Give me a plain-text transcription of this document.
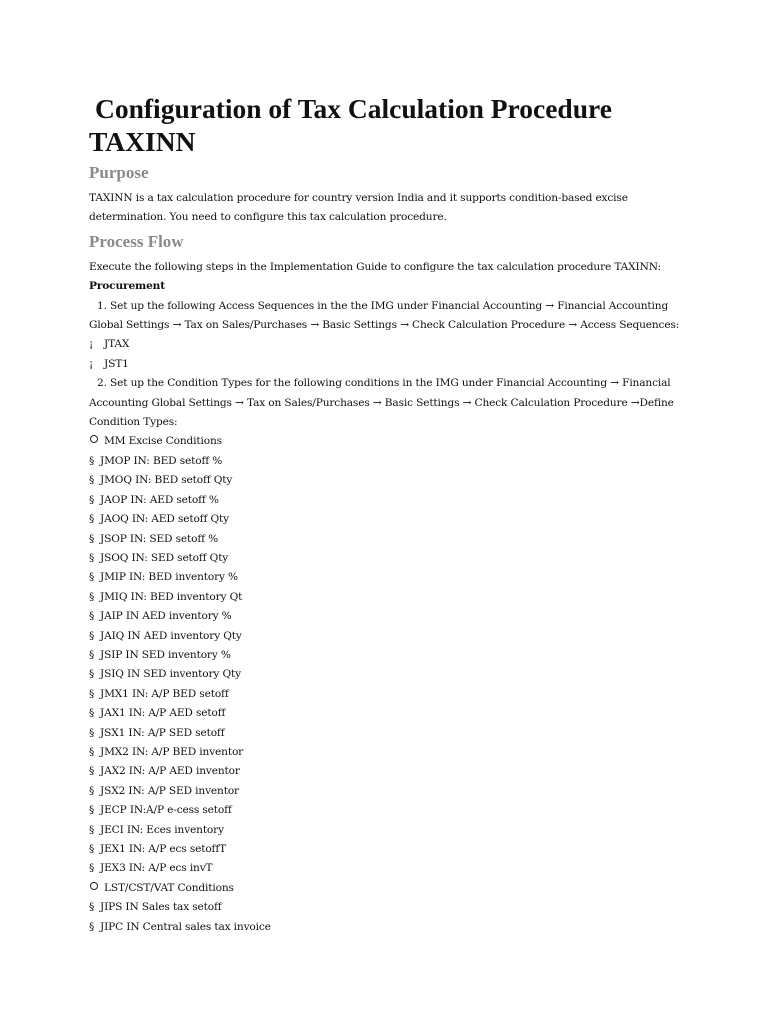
Configuration of Tax Calculation Procedure
TAXINN
Purpose

TAXINN is a tax calculation procedure for country version India and it supports condition-based excise
determination. You need to configure this tax calculation procedure.

Process Flow
Execute the following steps in the Implementation Guide to configure the tax calculation procedure TAXINN:
Procurement
1. Set up the following Access Sequences in the the IMG under Financial Accounting → Financial Accounting
Global Settings → Tax on Sales/Purchases → Basic Settings → Check Calculation Procedure → Access Sequences:
¡ JTAX
¡ JST1
2. Set up the Condition Types for the following conditions in the IMG under Financial Accounting → Financial
Accounting Global Settings → Tax on Sales/Purchases → Basic Settings → Check Calculation Procedure →Define
Condition Types:
MM Excise Conditions
§ JMOP IN: BED setoff %
§ JMOQ IN: BED setoff Qty
§ JAOP IN: AED setoff %
§ JAOQ IN: AED setoff Qty
§ JSOP IN: SED setoff %
§ JSOQ IN: SED setoff Qty
§ JMIP IN: BED inventory %
§ JMIQ IN: BED inventory Qt
§ JAIP IN AED inventory %
§ JAIQ IN AED inventory Qty
§ JSIP IN SED inventory %
§ JSIQ IN SED inventory Qty
§ JMX1 IN: A/P BED setoff
§ JAX1 IN: A/P AED setoff
§ JSX1 IN: A/P SED setoff
§ JMX2 IN: A/P BED inventor
§ JAX2 IN: A/P AED inventor
§ JSX2 IN: A/P SED inventor
§ JECP IN:A/P e-cess setoff
§ JECI IN: Eces inventory
§ JEX1 IN: A/P ecs setoffT
§ JEX3 IN: A/P ecs invT
LST/CST/VAT Conditions
§ JIPS IN Sales tax setoff
§ JIPC IN Central sales tax invoice
